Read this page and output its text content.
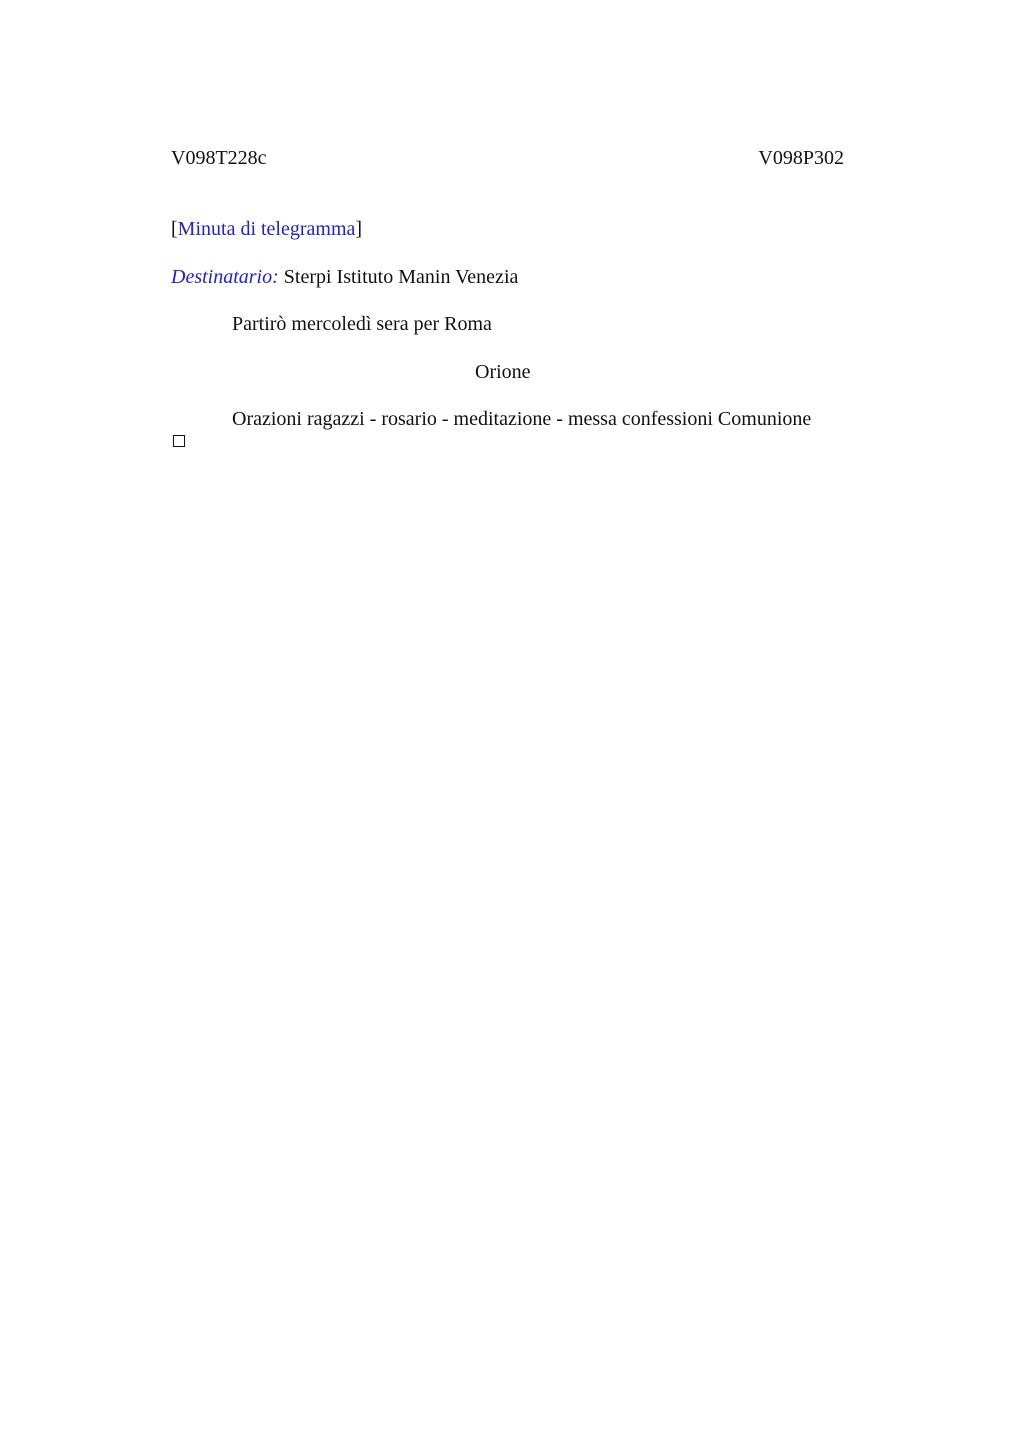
V098T228c	V098P302
[Minuta di telegramma]
Destinatario: Sterpi Istituto Manin Venezia
Partirò mercoledì sera per Roma
Orione
Orazioni ragazzi - rosario - meditazione - messa confessioni Comunione
